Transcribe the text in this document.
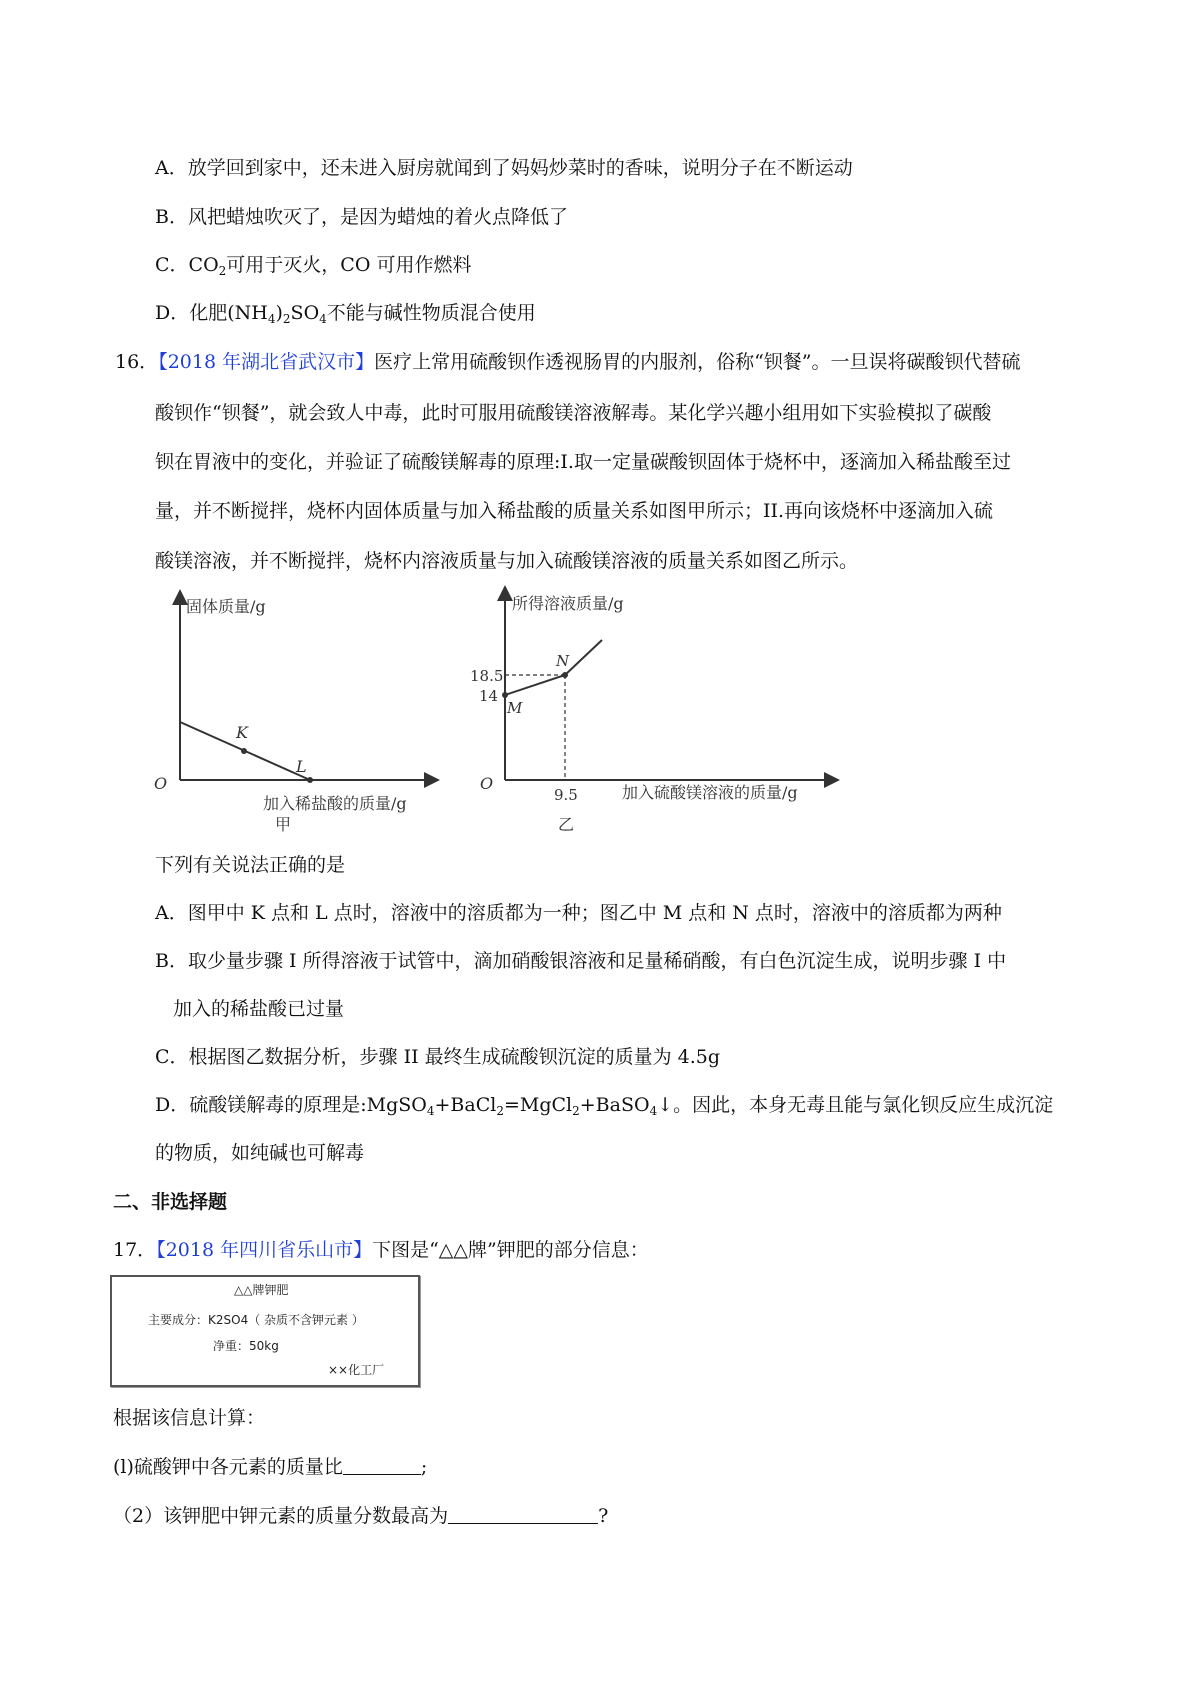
A．放学回到家中，还未进入厨房就闻到了妈妈炒菜时的香味，说明分子在不断运动
B．风把蜡烛吹灭了，是因为蜡烛的着火点降低了
C．$CO_2$可用于灭火，CO 可用作燃料
D．化肥$(NH_4)_2SO_4$不能与碱性物质混合使用
16．【2018 年湖北省武汉市】医疗上常用硫酸钡作透视肠胃的内服剂，俗称“钡餐”。一旦误将碳酸钡代替硫
酸钡作“钡餐”，就会致人中毒，此时可服用硫酸镁溶液解毒。某化学兴趣小组用如下实验模拟了碳酸
钡在胃液中的变化，并验证了硫酸镁解毒的原理:I.取一定量碳酸钡固体于烧杯中，逐滴加入稀盐酸至过
量，并不断搅拌，烧杯内固体质量与加入稀盐酸的质量关系如图甲所示；II.再向该烧杯中逐滴加入硫
酸镁溶液，并不断搅拌，烧杯内溶液质量与加入硫酸镁溶液的质量关系如图乙所示。
固体质量/g
加入稀盐酸的质量/g
O
K
L
甲
所得溶液质量/g
18.5
14
M
N
O
9.5	加入硫酸镁溶液的质量/g
乙
下列有关说法正确的是
A．图甲中 K 点和 L 点时，溶液中的溶质都为一种；图乙中 M 点和 N 点时，溶液中的溶质都为两种
B．取少量步骤 I 所得溶液于试管中，滴加硝酸银溶液和足量稀硝酸，有白色沉淀生成，说明步骤 I 中
加入的稀盐酸已过量
C．根据图乙数据分析，步骤 II 最终生成硫酸钡沉淀的质量为 4.5g
D．硫酸镁解毒的原理是:MgSO$_4$+BaCl$_2$=MgCl$_2$+BaSO$_4$↓。因此，本身无毒且能与氯化钡反应生成沉淀
的物质，如纯碱也可解毒
二、非选择题
17．【2018 年四川省乐山市】下图是“△△牌”钾肥的部分信息：
△△牌钾肥
主要成分：K2SO4（ 杂质不含钾元素 ）
净重：50kg
××化工厂
根据该信息计算：
(l)硫酸钾中各元素的质量比	;
（2）该钾肥中钾元素的质量分数最高为	?
